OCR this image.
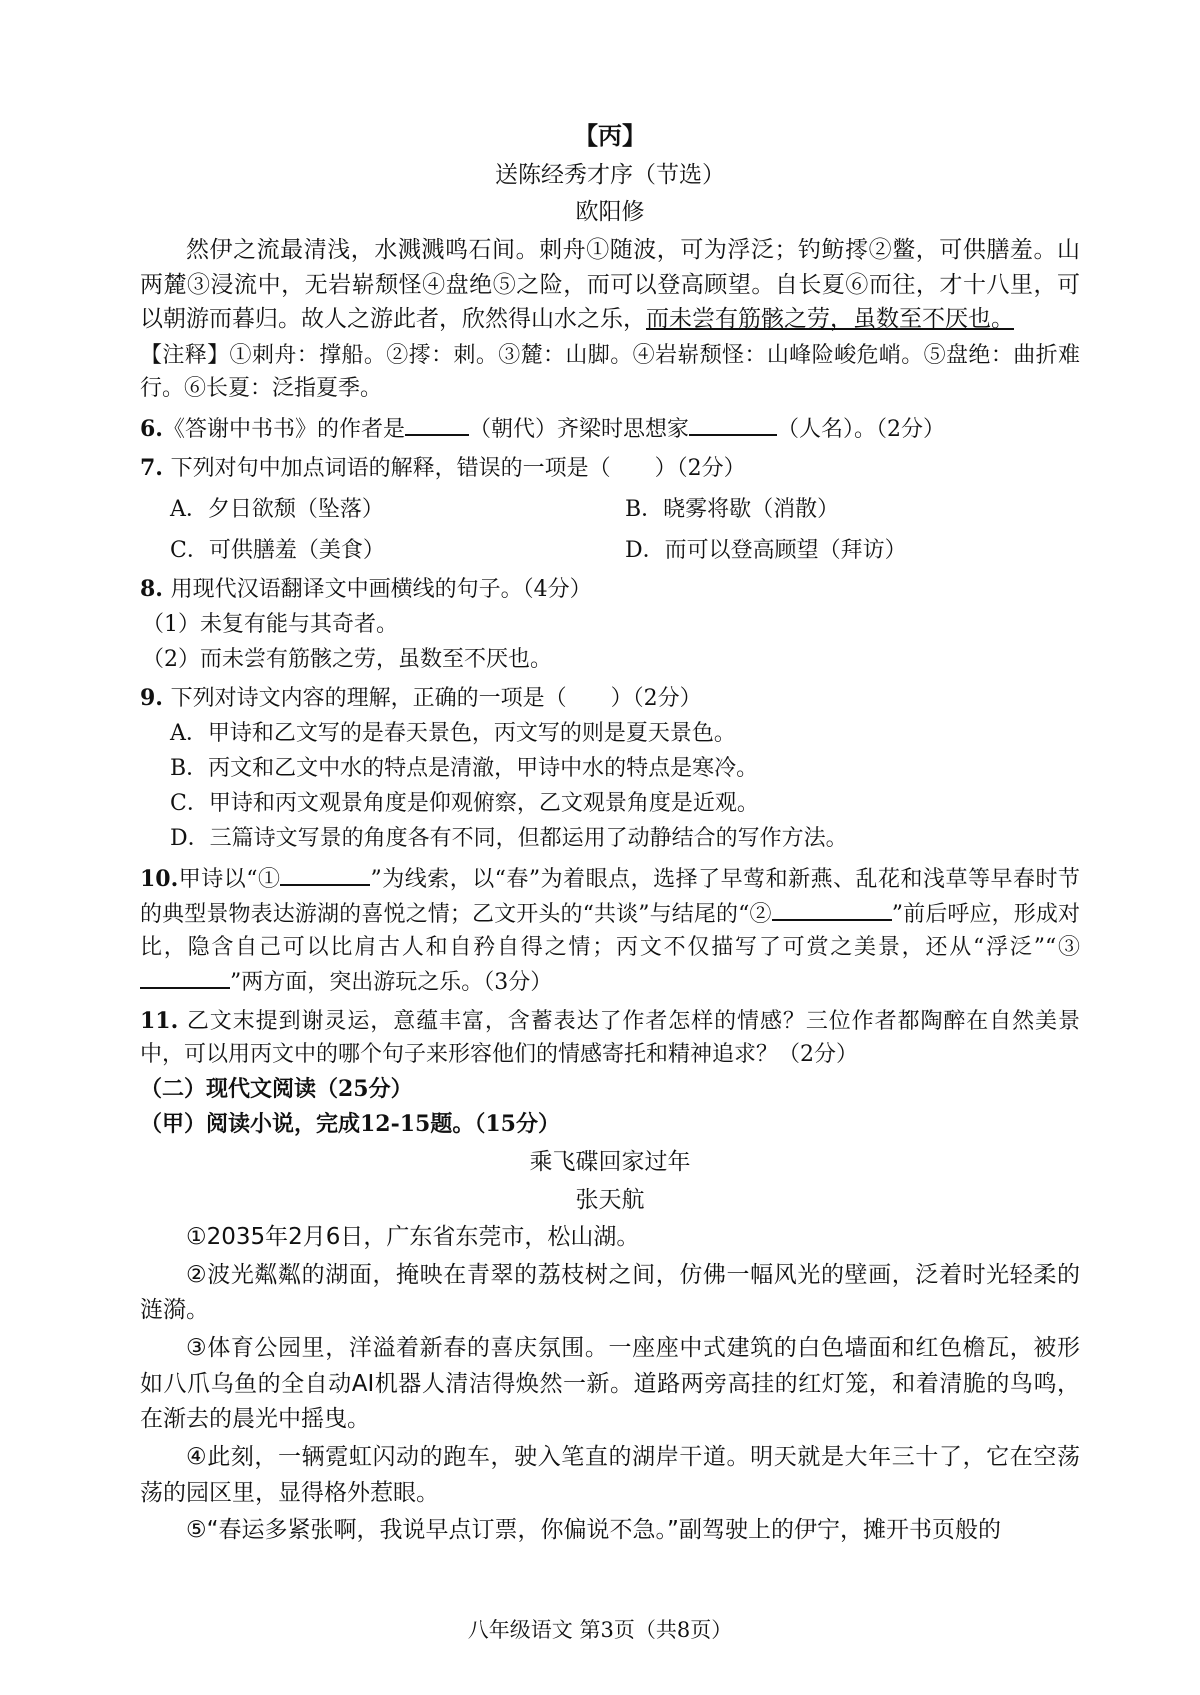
【丙】

送陈经秀才序（节选）

欧阳修

然伊之流最清浅，水溅溅鸣石间。刺舟①随波，可为浮泛；钓鲂㩕②鳖，可供膳羞。山两麓③浸流中，无岩崭颓怪④盘绝⑤之险，而可以登高顾望。自长夏⑥而往，才十八里，可以朝游而暮归。故人之游此者，欣然得山水之乐，而未尝有筋骸之劳，虽数至不厌也。

【注释】①刺舟：撑船。②㩕：刺。③麓：山脚。④岩崭颓怪：山峰险峻危峭。⑤盘绝：曲折难行。⑥长夏：泛指夏季。

6.《答谢中书书》的作者是	（朝代）齐梁时思想家	（人名）。（2分）

7. 下列对句中加点词语的解释，错误的一项是（　　）（2分）

A．夕日欲颓（坠落）	B．晓雾将歇（消散）
C．可供膳羞（美食）	D．而可以登高顾望（拜访）

8. 用现代汉语翻译文中画横线的句子。（4分）

（1）未复有能与其奇者。

（2）而未尝有筋骸之劳，虽数至不厌也。

9. 下列对诗文内容的理解，正确的一项是（　　）（2分）

A．甲诗和乙文写的是春天景色，丙文写的则是夏天景色。

B．丙文和乙文中水的特点是清澈，甲诗中水的特点是寒冷。

C．甲诗和丙文观景角度是仰观俯察，乙文观景角度是近观。

D．三篇诗文写景的角度各有不同，但都运用了动静结合的写作方法。

10.甲诗以“①	”为线索，以“春”为着眼点，选择了早莺和新燕、乱花和浅草等早春时节的典型景物表达游湖的喜悦之情；乙文开头的“共谈”与结尾的“②	”前后呼应，形成对比，隐含自己可以比肩古人和自矜自得之情；丙文不仅描写了可赏之美景，还从“浮泛”“③”两方面，突出游玩之乐。（3分）

11. 乙文末提到谢灵运，意蕴丰富，含蓄表达了作者怎样的情感？三位作者都陶醉在自然美景中，可以用丙文中的哪个句子来形容他们的情感寄托和精神追求？（2分）

（二）现代文阅读（25分）

（甲）阅读小说，完成12-15题。（15分）

乘飞碟回家过年

张天航

①2035年2月6日，广东省东莞市，松山湖。

②波光粼粼的湖面，掩映在青翠的荔枝树之间，仿佛一幅风光的壁画，泛着时光轻柔的涟漪。

③体育公园里，洋溢着新春的喜庆氛围。一座座中式建筑的白色墙面和红色檐瓦，被形如八爪乌鱼的全自动AI机器人清洁得焕然一新。道路两旁高挂的红灯笼，和着清脆的鸟鸣，在渐去的晨光中摇曳。

④此刻，一辆霓虹闪动的跑车，驶入笔直的湖岸干道。明天就是大年三十了，它在空荡荡的园区里，显得格外惹眼。

⑤“春运多紧张啊，我说早点订票，你偏说不急。”副驾驶上的伊宁，摊开书页般的

八年级语文 第3页（共8页）
